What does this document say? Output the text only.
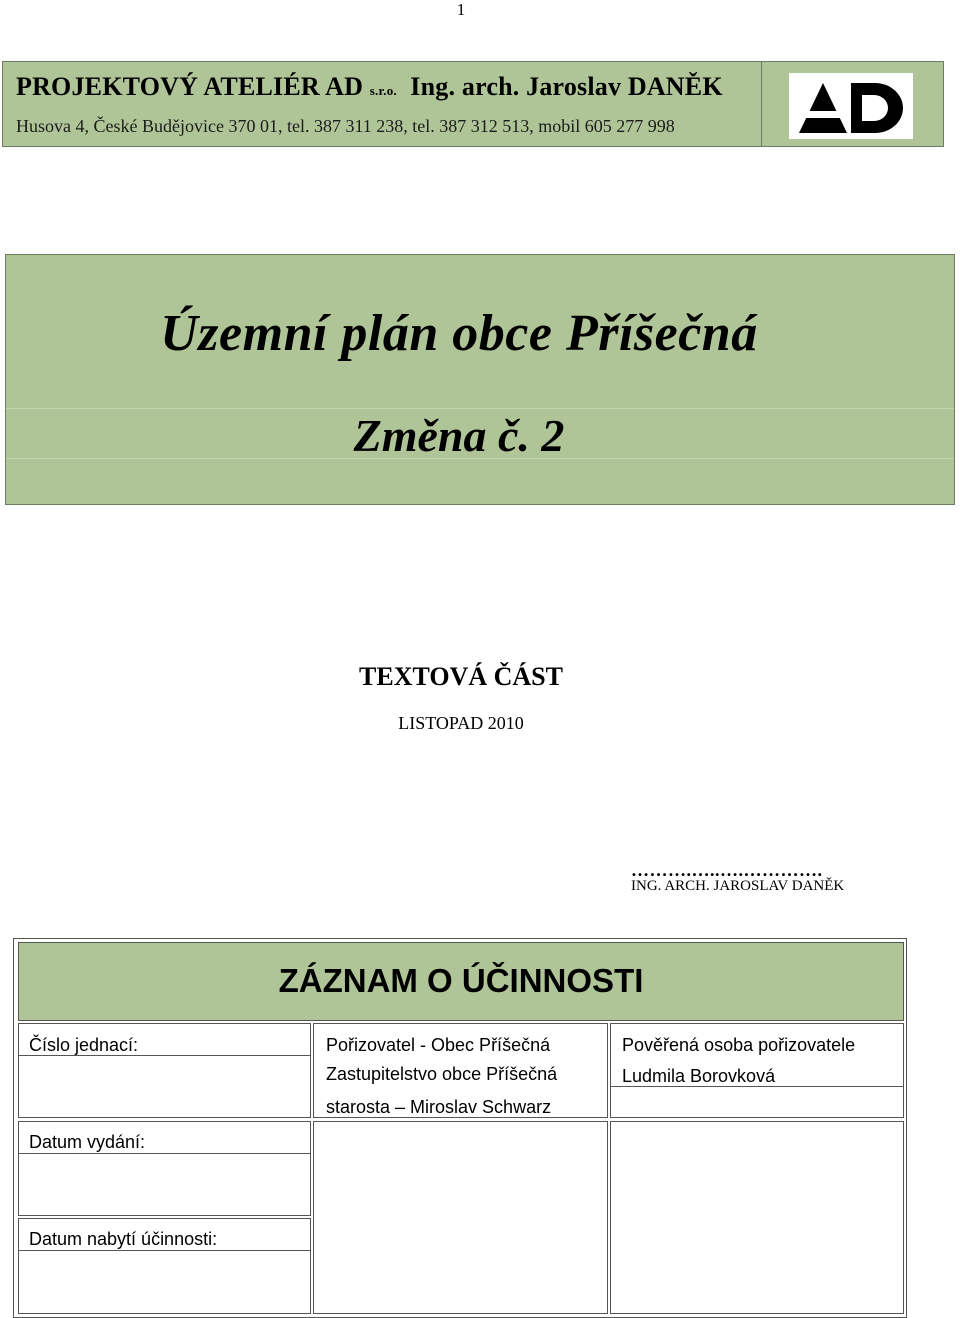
1
PROJEKTOVÝ ATELIÉR AD s.r.o. Ing. arch. Jaroslav DANĚK
Husova 4, České Budějovice 370 01, tel. 387 311 238, tel. 387 312 513, mobil 605 277 998
Územní plán obce Příšečná
Změna č. 2
TEXTOVÁ ČÁST
LISTOPAD 2010
……….…..….………….
ING. ARCH. JAROSLAV DANĚK
ZÁZNAM O ÚČINNOSTI
Číslo jednací:
Datum vydání:
Datum nabytí účinnosti:
Pořizovatel - Obec Příšečná
Zastupitelstvo obce Příšečná
starosta – Miroslav Schwarz
Pověřená osoba pořizovatele
Ludmila Borovková
